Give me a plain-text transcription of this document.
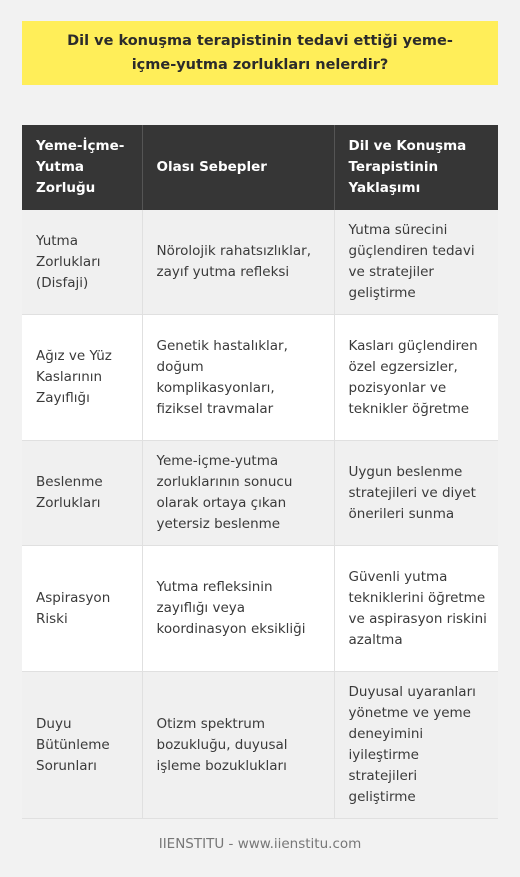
Dil ve konuşma terapistinin tedavi ettiği yeme-içme-yutma zorlukları nelerdir?
Yeme-İçme-Yutma Zorluğu	Olası Sebepler	Dil ve Konuşma Terapistinin Yaklaşımı
Yutma Zorlukları (Disfaji)	Nörolojik rahatsızlıklar, zayıf yutma refleksi	Yutma sürecini güçlendiren tedavi ve stratejiler geliştirme
Ağız ve Yüz Kaslarının Zayıflığı	Genetik hastalıklar, doğum komplikasyonları, fiziksel travmalar	Kasları güçlendiren özel egzersizler, pozisyonlar ve teknikler öğretme
Beslenme Zorlukları	Yeme-içme-yutma zorluklarının sonucu olarak ortaya çıkan yetersiz beslenme	Uygun beslenme stratejileri ve diyet önerileri sunma
Aspirasyon Riski	Yutma refleksinin zayıflığı veya koordinasyon eksikliği	Güvenli yutma tekniklerini öğretme ve aspirasyon riskini azaltma
Duyu Bütünleme Sorunları	Otizm spektrum bozukluğu, duyusal işleme bozuklukları	Duyusal uyaranları yönetme ve yeme deneyimini iyileştirme stratejileri geliştirme
IIENSTITU - www.iienstitu.com
